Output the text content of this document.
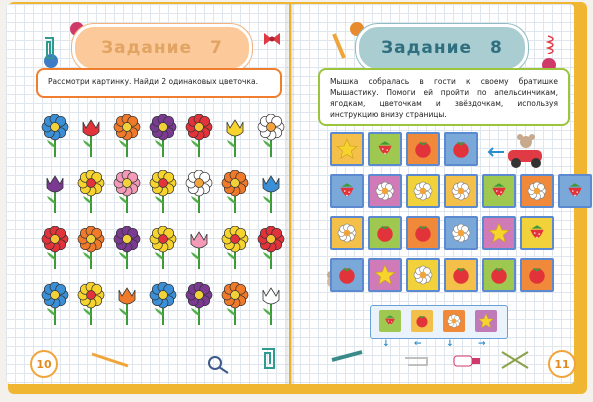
Задание 7
Рассмотри картинку. Найди 2 одинаковых цветочка.
Задание 8
Мышка собралась в гости к своему братишке Мышастику. Помоги ей пройти по апельсинчикам, ягодкам, цветочкам и звёздочкам, используя инструкцию внизу страницы.
↓	←	↓	→
10	11
